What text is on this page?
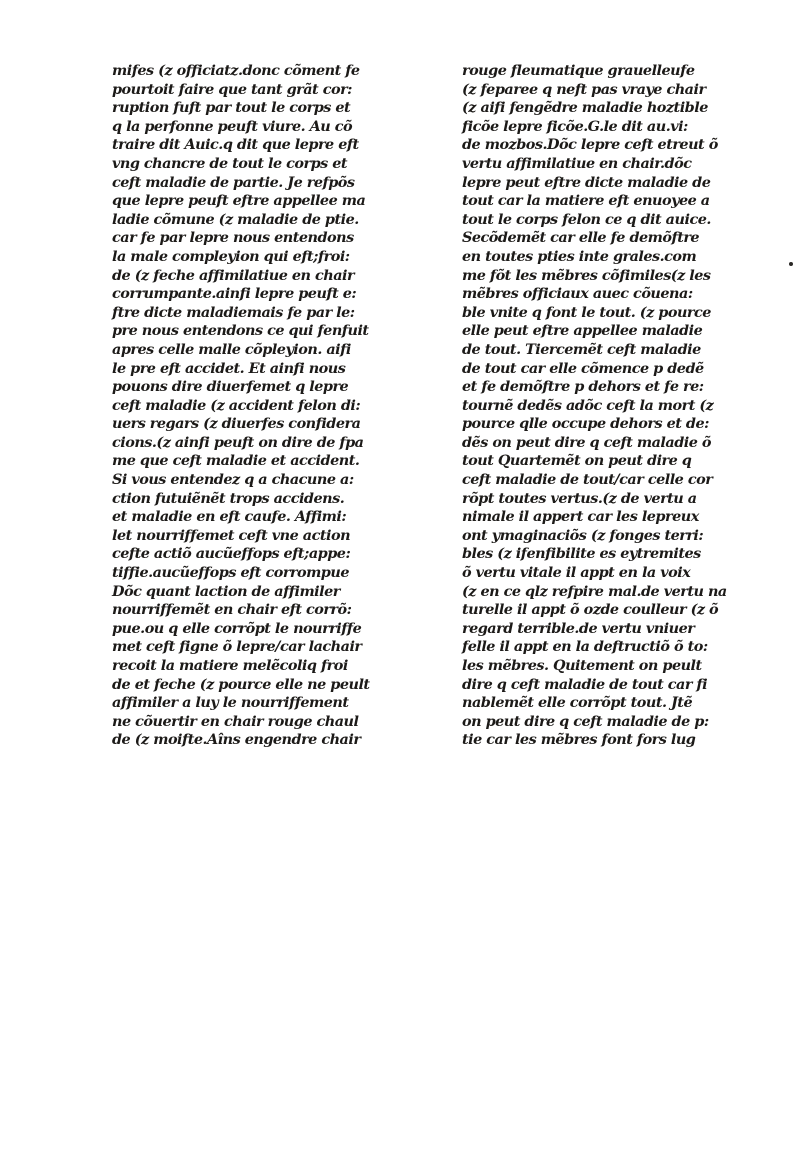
mifes (z officiatz.donc cõment fe
pourtoit faire que tant grãt cor:
ruption fuft par tout le corps et
q la perfonne peuft viure. Au cõ
traire dit Auic.q dit que lepre eft
vng chancre de tout le corps et
ceft maladie de partie. Je refpõs
que lepre peuft eftre appellee ma
ladie cõmune (z maladie de ptie.
car fe par lepre nous entendons
la male compleyion qui eft;froi:
de (z feche affimilatiue en chair
corrumpante.ainfi lepre peuft e:
ftre dicte maladiemais fe par le:
pre nous entendons ce qui fenfuit
apres celle malle cõpleyion. aifi
le pre eft accidet. Et ainfi nous
pouons dire diuerfemet q lepre
ceft maladie (z accident felon di:
uers regars (z diuerfes confidera
cions.(z ainfi peuft on dire de fpa
me que ceft maladie et accident.
Si vous entendez q a chacune a:
ction futuiẽnẽt trops accidens.
et maladie en eft caufe. Affimi:
let nourriffemet ceft vne action
cefte actiõ aucũeffops eft;appe:
tiffie.aucũeffops eft corrompue
Dõc quant laction de affimiler
nourriffemẽt en chair eft corrõ:
pue.ou q elle corrõpt le nourriffe
met ceft figne õ lepre/car lachair
recoit la matiere melẽcoliq froi
de et feche (z pource elle ne peult
affimiler a luy le nourriffement
ne cõuertir en chair rouge chaul
de (z moifte.Aîns engendre chair
rouge fleumatique grauelleufe
(z feparee q neft pas vraye chair
(z aifi fengẽdre maladie hoztible
ficõe lepre ficõe.G.le dit au.vi:
de mozbos.Dõc lepre ceft etreut õ
vertu affimilatiue en chair.dõc
lepre peut eftre dicte maladie de
tout car la matiere eft enuoyee a
tout le corps felon ce q dit auice.
Secõdemẽt car elle fe demõftre
en toutes pties inte grales.com
me fõt les mẽbres cõfimiles(z les
mẽbres officiaux auec cõuena:
ble vnite q font le tout. (z pource
elle peut eftre appellee maladie
de tout. Tiercemẽt ceft maladie
de tout car elle cõmence p dedẽ
et fe demõftre p dehors et fe re:
tournẽ dedẽs adõc ceft la mort (z
pource qlle occupe dehors et de:
dẽs on peut dire q ceft maladie õ
tout Quartemẽt on peut dire q
ceft maladie de tout/car celle cor
rõpt toutes vertus.(z de vertu a
nimale il appert car les lepreux
ont ymaginaciõs (z fonges terri:
bles (z ifenfibilite es eytremites
õ vertu vitale il appt en la voix
(z en ce qlz refpire mal.de vertu na
turelle il appt õ ozde coulleur (z õ
regard terrible.de vertu vniuer
felle il appt en la deftructiõ õ to:
les mẽbres. Quitement on peult
dire q ceft maladie de tout car fi
nablemẽt elle corrõpt tout. Jtẽ
on peut dire q ceft maladie de p:
tie car les mẽbres font fors lug
